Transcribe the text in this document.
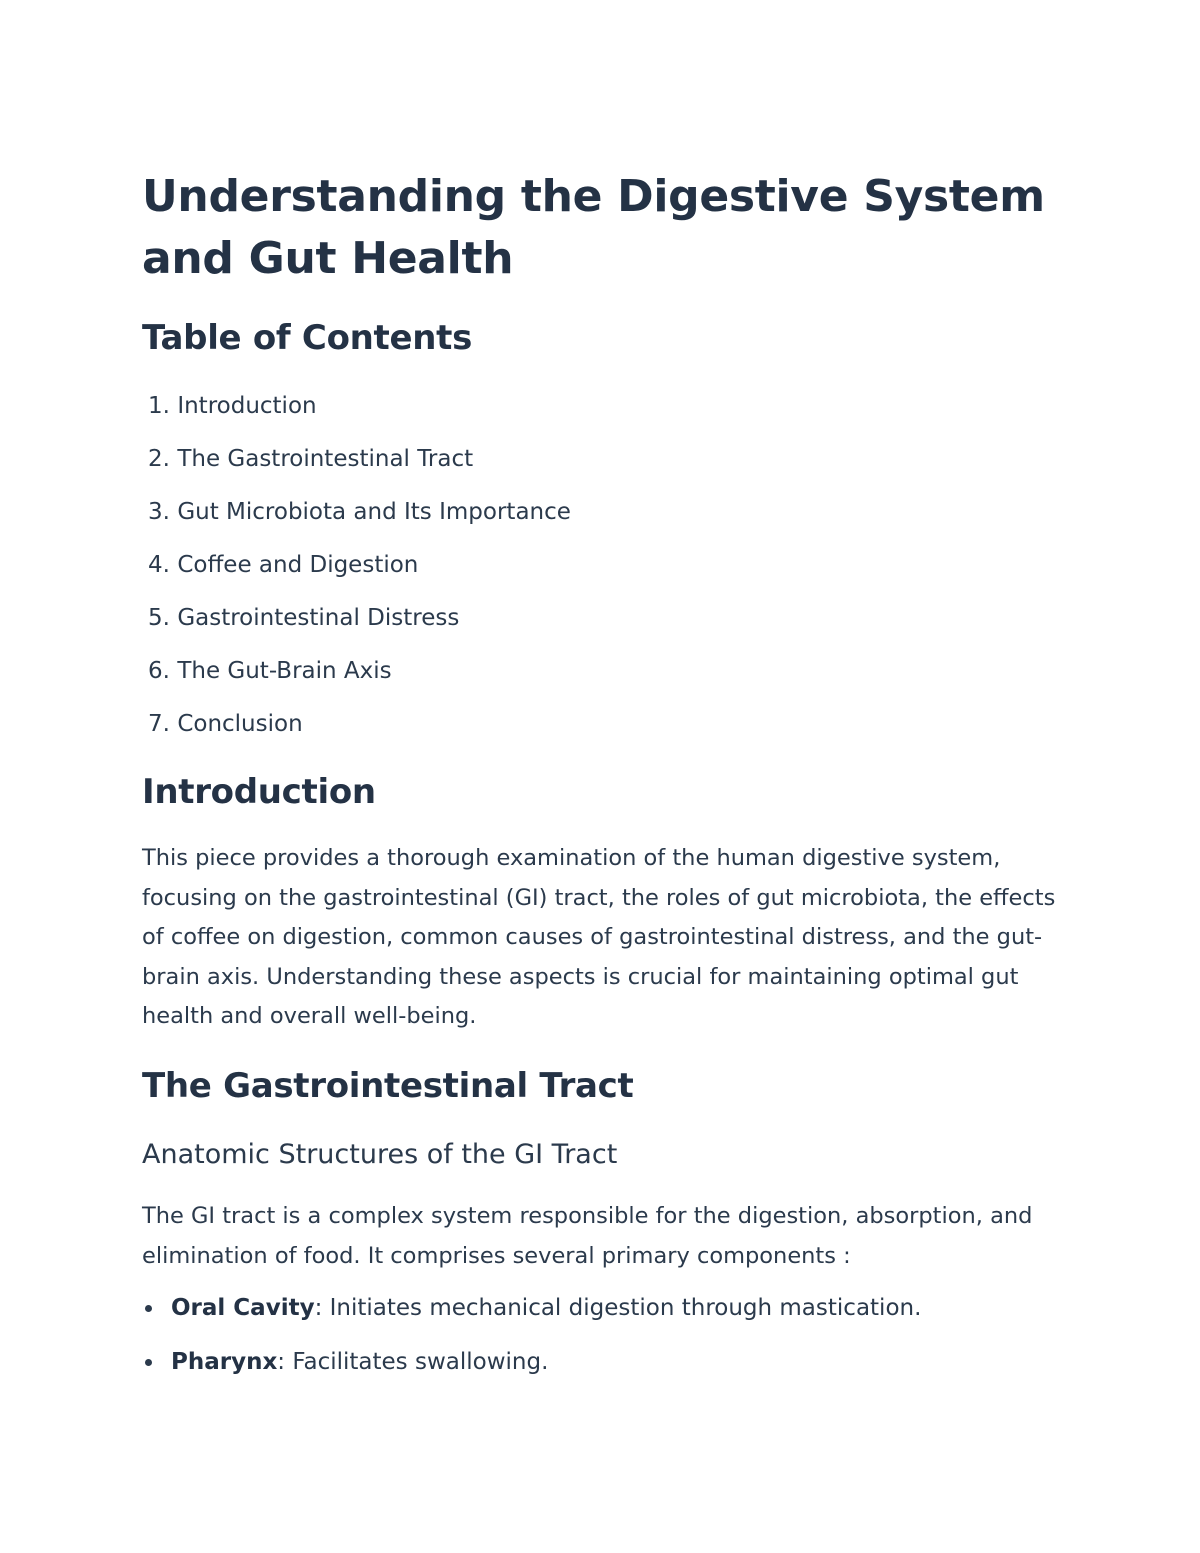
Understanding the Digestive System and Gut Health
Table of Contents
1. Introduction
2. The Gastrointestinal Tract
3. Gut Microbiota and Its Importance
4. Coffee and Digestion
5. Gastrointestinal Distress
6. The Gut-Brain Axis
7. Conclusion
Introduction

This piece provides a thorough examination of the human digestive system, focusing on the gastrointestinal (GI) tract, the roles of gut microbiota, the effects of coffee on digestion, common causes of gastrointestinal distress, and the gut-brain axis. Understanding these aspects is crucial for maintaining optimal gut health and overall well-being.

The Gastrointestinal Tract
Anatomic Structures of the GI Tract

The GI tract is a complex system responsible for the digestion, absorption, and elimination of food. It comprises several primary components :

Oral Cavity: Initiates mechanical digestion through mastication.
Pharynx: Facilitates swallowing.
